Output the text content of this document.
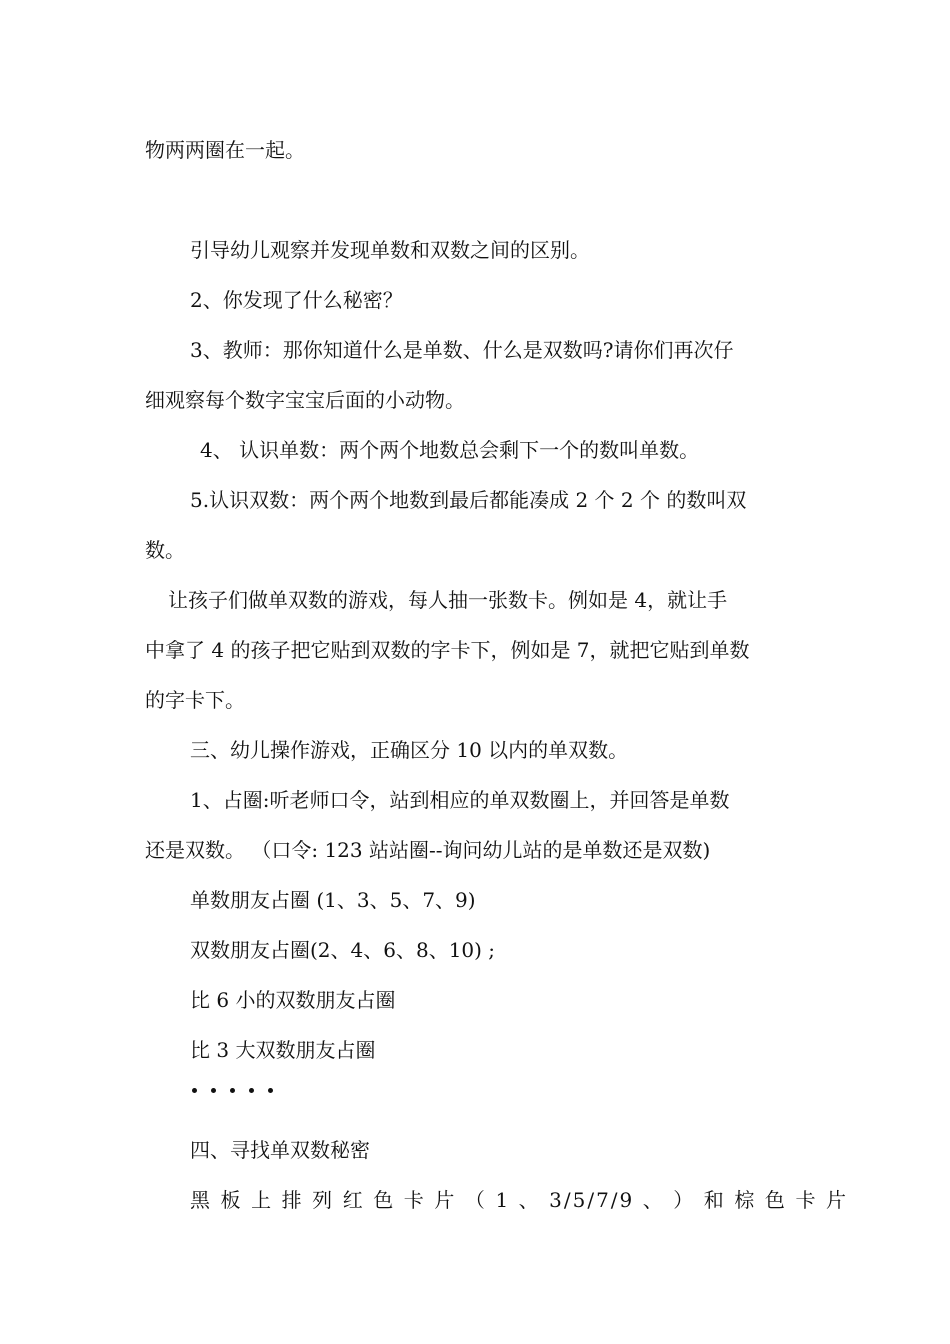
物两两圈在一起。

引导幼儿观察并发现单数和双数之间的区别。

2、你发现了什么秘密？

3、教师：那你知道什么是单数、什么是双数吗?请你们再次仔

细观察每个数字宝宝后面的小动物。

4、 认识单数：两个两个地数总会剩下一个的数叫单数。

5.认识双数：两个两个地数到最后都能凑成 2 个 2 个 的数叫双

数。

让孩子们做单双数的游戏，每人抽一张数卡。例如是 4，就让手

中拿了 4 的孩子把它贴到双数的字卡下，例如是 7，就把它贴到单数

的字卡下。

三、幼儿操作游戏，正确区分 10 以内的单双数。

1、占圈:听老师口令，站到相应的单双数圈上，并回答是单数

还是双数。 （口令: 123 站站圈--询问幼儿站的是单数还是双数)

单数朋友占圈 (1、3、5、7、9)

双数朋友占圈(2、4、6、8、10) ;

比 6 小的双数朋友占圈

比 3 大双数朋友占圈

四、寻找单双数秘密

黑 板 上 排 列 红 色 卡 片 （ 1 、 3/5/7/9 、 ） 和 棕 色 卡 片
